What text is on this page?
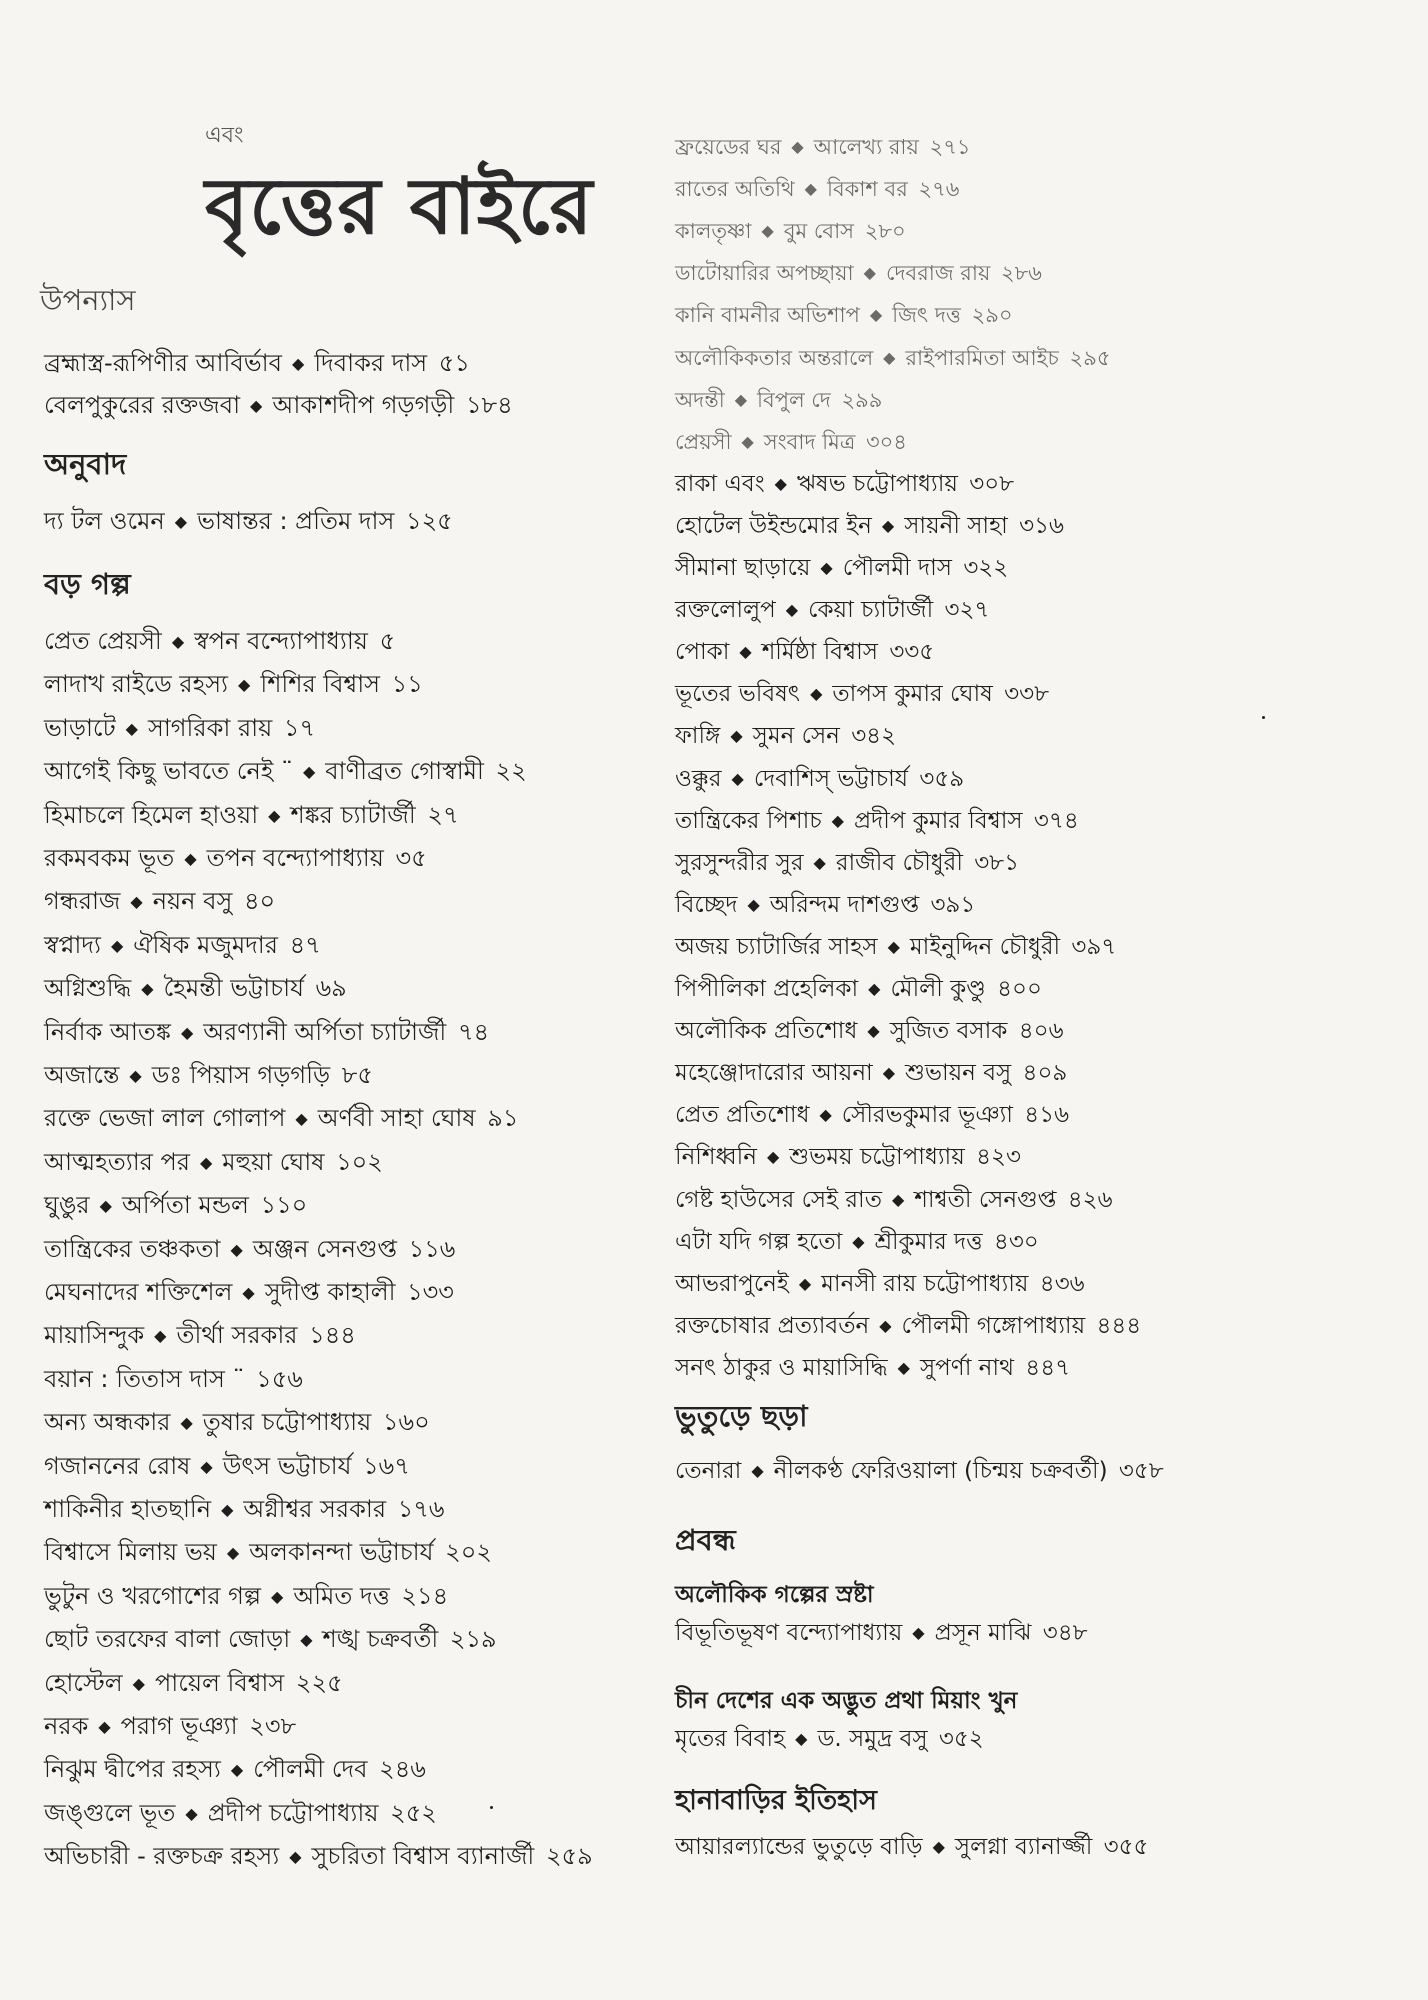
এবং
বৃত্তের বাইরে
উপন্যাস
ব্রহ্মাস্ত্র-রূপিণীর আবির্ভাব ◆ দিবাকর দাস ৫১
বেলপুকুরের রক্তজবা ◆ আকাশদীপ গড়গড়ী ১৮৪
অনুবাদ
দ্য টল ওমেন ◆ ভাষান্তর : প্রতিম দাস ১২৫
বড় গল্প
প্রেত প্রেয়সী ◆ স্বপন বন্দ্যোপাধ্যায় ৫
লাদাখ রাইডে রহস্য ◆ শিশির বিশ্বাস ১১
ভাড়াটে ◆ সাগরিকা রায় ১৭
আগেই কিছু ভাবতে নেই ¨ ◆ বাণীব্রত গোস্বামী ২২
হিমাচলে হিমেল হাওয়া ◆ শঙ্কর চ্যাটার্জী ২৭
রকমবকম ভূত ◆ তপন বন্দ্যোপাধ্যায় ৩৫
গন্ধরাজ ◆ নয়ন বসু ৪০
স্বপ্নাদ্য ◆ ঐষিক মজুমদার ৪৭
অগ্নিশুদ্ধি ◆ হৈমন্তী ভট্টাচার্য ৬৯
নির্বাক আতঙ্ক ◆ অরণ্যানী অর্পিতা চ্যাটার্জী ৭৪
অজান্তে ◆ ডঃ পিয়াস গড়গড়ি ৮৫
রক্তে ভেজা লাল গোলাপ ◆ অর্ণবী সাহা ঘোষ ৯১
আত্মহত্যার পর ◆ মহুয়া ঘোষ ১০২
ঘুঙুর ◆ অর্পিতা মন্ডল ১১০
তান্ত্রিকের তঞ্চকতা ◆ অঞ্জন সেনগুপ্ত ১১৬
মেঘনাদের শক্তিশেল ◆ সুদীপ্ত কাহালী ১৩৩
মায়াসিন্দুক ◆ তীর্থা সরকার ১৪৪
বয়ান : তিতাস দাস ¨ ১৫৬
অন্য অন্ধকার ◆ তুষার চট্টোপাধ্যায় ১৬০
গজাননের রোষ ◆ উৎস ভট্টাচার্য ১৬৭
শাকিনীর হাতছানি ◆ অগ্নীশ্বর সরকার ১৭৬
বিশ্বাসে মিলায় ভয় ◆ অলকানন্দা ভট্টাচার্য ২০২
ভুটুন ও খরগোশের গল্প ◆ অমিত দত্ত ২১৪
ছোট তরফের বালা জোড়া ◆ শঙ্খ চক্রবর্তী ২১৯
হোস্টেল ◆ পায়েল বিশ্বাস ২২৫
নরক ◆ পরাগ ভূঞ্যা ২৩৮
নিঝুম দ্বীপের রহস্য ◆ পৌলমী দেব ২৪৬
জঙ্গুলে ভূত ◆ প্রদীপ চট্টোপাধ্যায় ২৫২
অভিচারী - রক্তচক্র রহস্য ◆ সুচরিতা বিশ্বাস ব্যানার্জী ২৫৯
ফ্রয়েডের ঘর ◆ আলেখ্য রায় ২৭১
রাতের অতিথি ◆ বিকাশ বর ২৭৬
কালতৃষ্ণা ◆ বুম বোস ২৮০
ডাটোয়ারির অপচ্ছায়া ◆ দেবরাজ রায় ২৮৬
কানি বামনীর অভিশাপ ◆ জিৎ দত্ত ২৯০
অলৌকিকতার অন্তরালে ◆ রাইপারমিতা আইচ ২৯৫
অদন্তী ◆ বিপুল দে ২৯৯
প্রেয়সী ◆ সংবাদ মিত্র ৩০৪
রাকা এবং ◆ ঋষভ চট্টোপাধ্যায় ৩০৮
হোটেল উইন্ডমোর ইন ◆ সায়নী সাহা ৩১৬
সীমানা ছাড়ায়ে ◆ পৌলমী দাস ৩২২
রক্তলোলুপ ◆ কেয়া চ্যাটার্জী ৩২৭
পোকা ◆ শর্মিষ্ঠা বিশ্বাস ৩৩৫
ভূতের ভবিষৎ ◆ তাপস কুমার ঘোষ ৩৩৮
ফাঙ্গি ◆ সুমন সেন ৩৪২
ওক্কুর ◆ দেবাশিস্ ভট্টাচার্য ৩৫৯
তান্ত্রিকের পিশাচ ◆ প্রদীপ কুমার বিশ্বাস ৩৭৪
সুরসুন্দরীর সুর ◆ রাজীব চৌধুরী ৩৮১
বিচ্ছেদ ◆ অরিন্দম দাশগুপ্ত ৩৯১
অজয় চ্যাটার্জির সাহস ◆ মাইনুদ্দিন চৌধুরী ৩৯৭
পিপীলিকা প্রহেলিকা ◆ মৌলী কুণ্ডু ৪০০
অলৌকিক প্রতিশোধ ◆ সুজিত বসাক ৪০৬
মহেঞ্জোদারোর আয়না ◆ শুভায়ন বসু ৪০৯
প্রেত প্রতিশোধ ◆ সৌরভকুমার ভূঞ্যা ৪১৬
নিশিধ্বনি ◆ শুভময় চট্টোপাধ্যায় ৪২৩
গেষ্ট হাউসের সেই রাত ◆ শাশ্বতী সেনগুপ্ত ৪২৬
এটা যদি গল্প হতো ◆ শ্রীকুমার দত্ত ৪৩০
আভরাপুনেই ◆ মানসী রায় চট্টোপাধ্যায় ৪৩৬
রক্তচোষার প্রত্যাবর্তন ◆ পৌলমী গঙ্গোপাধ্যায় ৪৪৪
সনৎ ঠাকুর ও মায়াসিদ্ধি ◆ সুপর্ণা নাথ ৪৪৭
ভুতুড়ে ছড়া
তেনারা ◆ নীলকণ্ঠ ফেরিওয়ালা (চিন্ময় চক্রবর্তী) ৩৫৮
প্রবন্ধ
অলৌকিক গল্পের স্রষ্টা
বিভূতিভূষণ বন্দ্যোপাধ্যায় ◆ প্রসূন মাঝি ৩৪৮
চীন দেশের এক অদ্ভুত প্রথা মিয়াং খুন
মৃতের বিবাহ ◆ ড. সমুদ্র বসু ৩৫২
হানাবাড়ির ইতিহাস
আয়ারল্যান্ডের ভুতুড়ে বাড়ি ◆ সুলগ্না ব্যানার্জ্জী ৩৫৫
